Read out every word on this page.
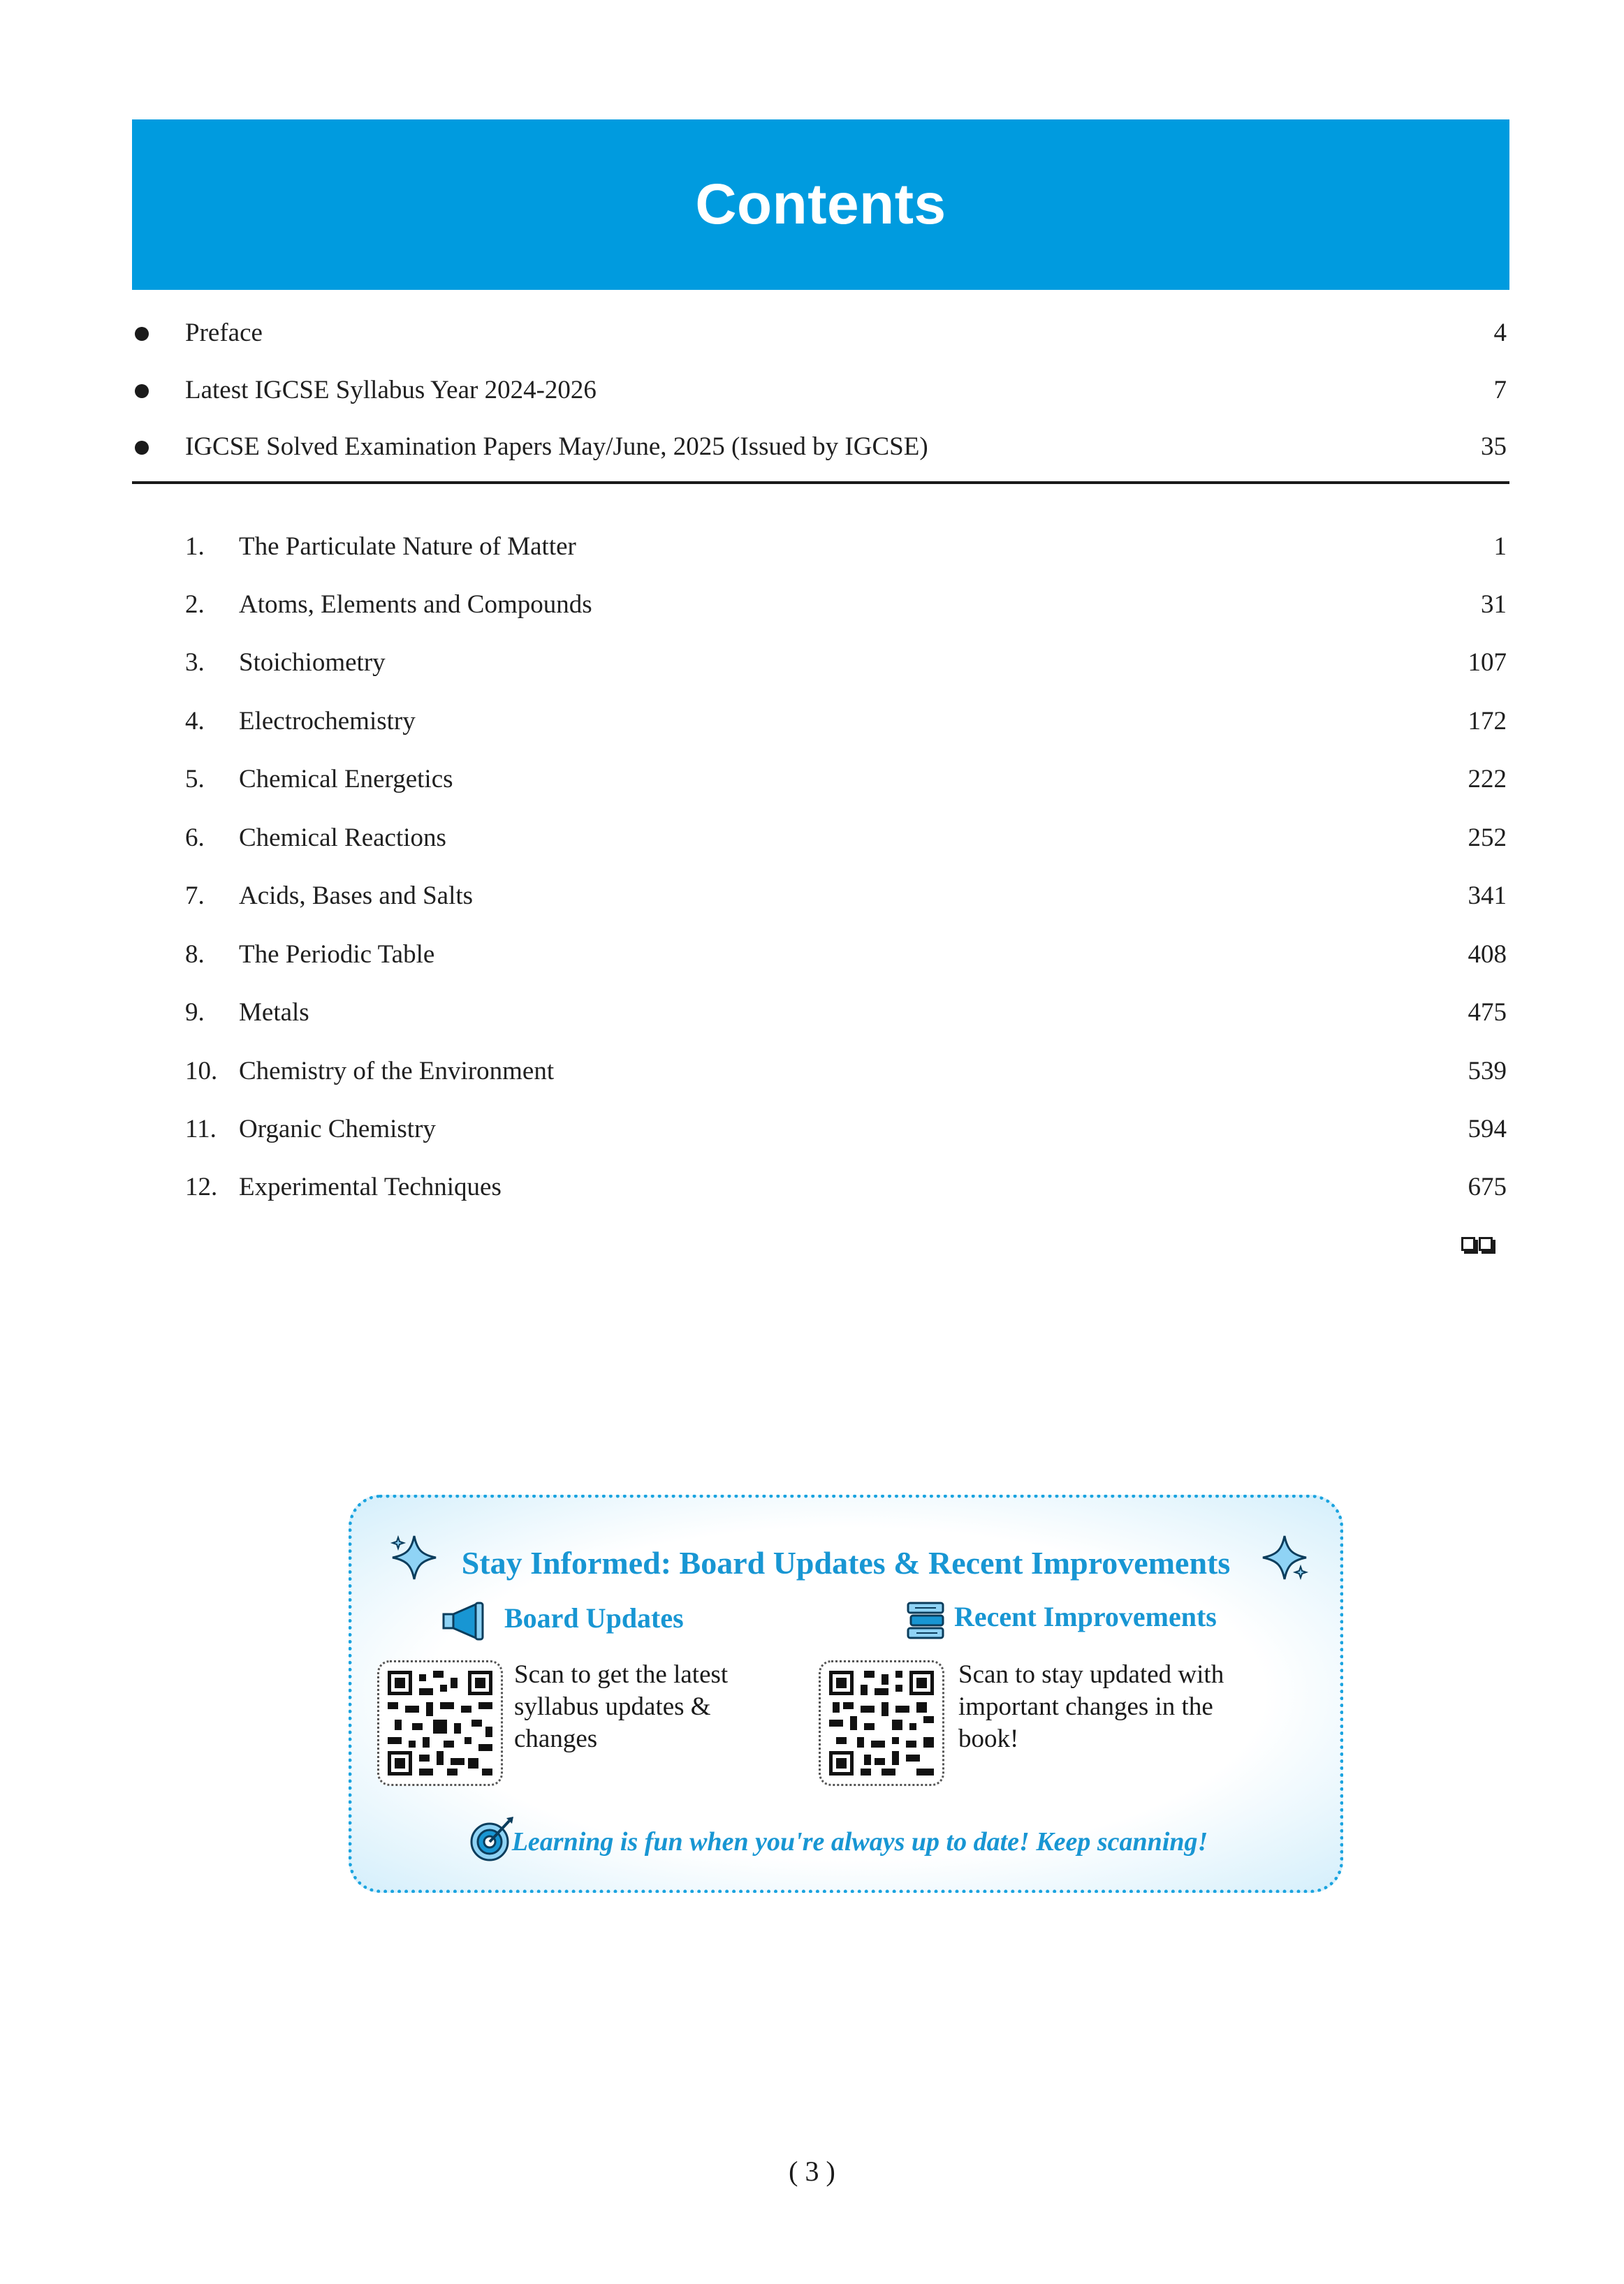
Contents
Preface	4
Latest IGCSE Syllabus Year 2024-2026	7
IGCSE Solved Examination Papers May/June, 2025 (Issued by IGCSE)	35
1. The Particulate Nature of Matter	1
2. Atoms, Elements and Compounds	31
3. Stoichiometry	107
4. Electrochemistry	172
5. Chemical Energetics	222
6. Chemical Reactions	252
7. Acids, Bases and Salts	341
8. The Periodic Table	408
9. Metals	475
10. Chemistry of the Environment	539
11. Organic Chemistry	594
12. Experimental Techniques	675
Stay Informed: Board Updates & Recent Improvements
Board Updates
Scan to get the latest syllabus updates & changes
Recent Improvements
Scan to stay updated with important changes in the book!
Learning is fun when you're always up to date! Keep scanning!
( 3 )
